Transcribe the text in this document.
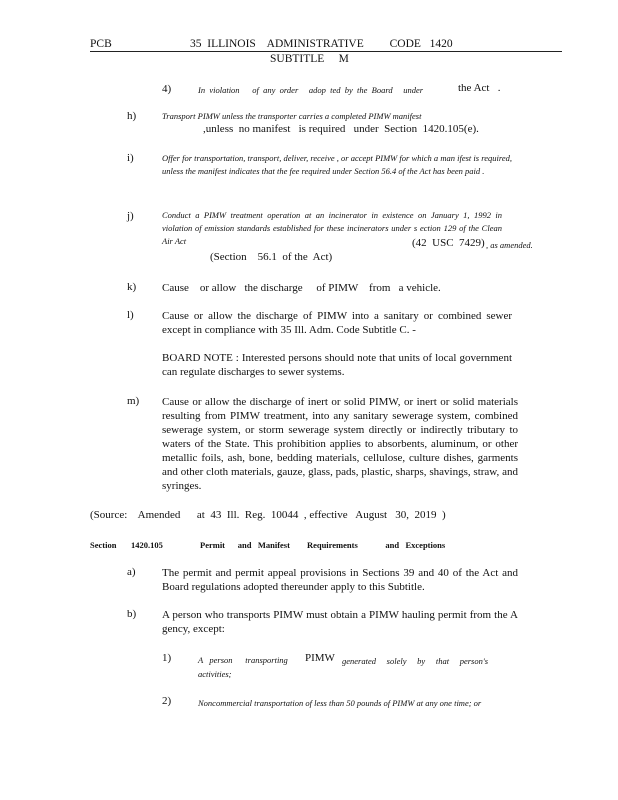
PCB	35  ILLINOIS    ADMINISTRATIVE         CODE   1420
SUBTITLE     M
4)	In  violation      of  any  order     adop  ted  by  the  Board     under	the Act   .
h)	Transport PIMW unless the transporter carries a completed PIMW manifest
,unless  no manifest   is required   under  Section  1420.105(e).
i)	Offer for transportation, transport, deliver, receive , or accept PIMW for which a man ifest is required, unless the manifest indicates that the fee required under Section 56.4 of the Act has been paid .
j)	Conduct a PIMW treatment operation at an incinerator in existence on January 1, 1992 in violation of emission standards established for these incinerators under s ection 129 of the Clean Air Act	(42  USC  7429) , as amended.
(Section    56.1  of the  Act)
k) Cause    or allow   the discharge     of PIMW    from   a vehicle.
l)	Cause or allow the discharge of PIMW into a sanitary or combined sewer except in compliance with 35 Ill. Adm. Code Subtitle C. -
BOARD NOTE : Interested persons should note that units of local government can regulate discharges to sewer systems.
m) Cause or allow the discharge of inert or solid PIMW, or inert or solid materials resulting from PIMW treatment, into any sanitary sewerage system, combined sewerage system, or storm sewerage system directly or indirectly tributary to waters of the State. This prohibition applies to absorbents, aluminum, or other metallic foils, ash, bone, bedding materials, cellulose, culture dishes, garments and other cloth materials, gauze, glass, pads, plastic, sharps, shavings, straw, and syringes.
(Source:    Amended      at  43  Ill.  Reg.  10044  , effective   August   30,  2019  )
Section 1420.105	Permit      and   Manifest        Requirements             and   Exceptions
a) The permit and permit appeal provisions in Sections 39 and 40 of the Act and Board regulations adopted thereunder apply to this Subtitle.
b) A person who transports PIMW must obtain a PIMW hauling permit from the A gency, except:
1)	A   person      transporting PIMW generated solely by that person's activities;
2)	Noncommercial transportation of less than 50 pounds of PIMW at any one time; or
